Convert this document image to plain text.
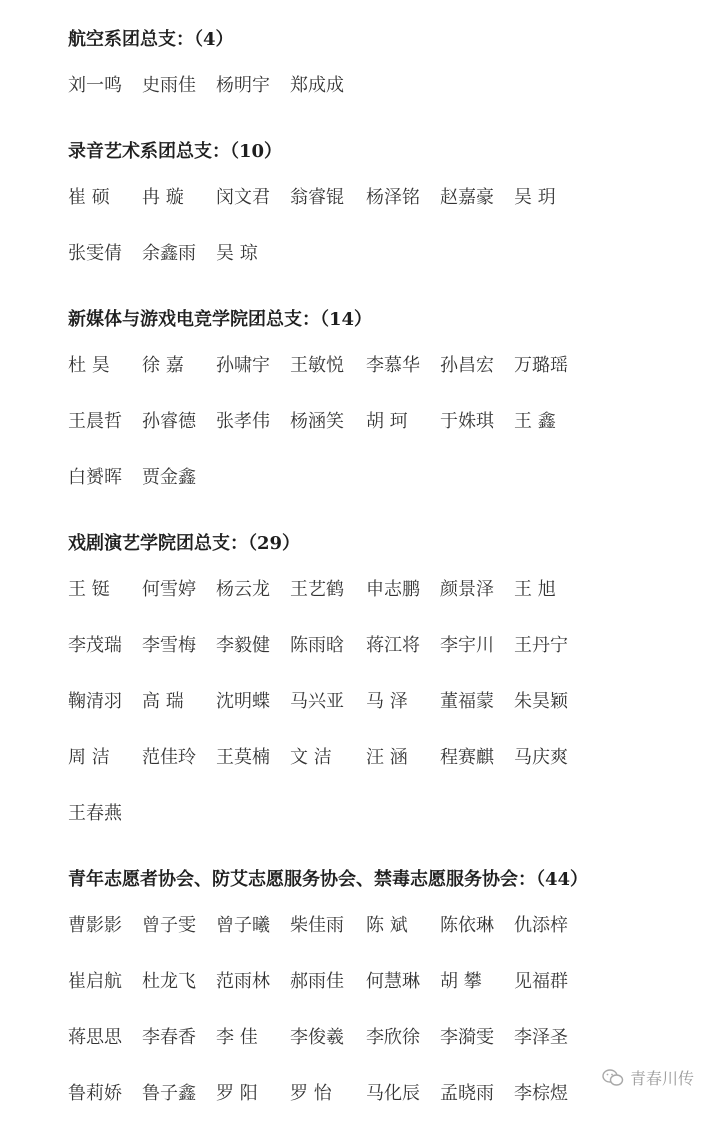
航空系团总支：（4）
刘一鸣 史雨佳 杨明宇 郑成成
录音艺术系团总支：（10）
崔 硕 冉 璇 闵文君 翁睿锟 杨泽铭 赵嘉豪 吴 玥
张雯倩 余鑫雨 吴 琼
新媒体与游戏电竞学院团总支：（14）
杜 昊 徐 嘉 孙啸宇 王敏悦 李慕华 孙昌宏 万璐瑶
王晨哲 孙睿德 张孝伟 杨涵笑 胡 珂 于姝琪 王 鑫
白赟晖 贾金鑫
戏剧演艺学院团总支：（29）
王 铤 何雪婷 杨云龙 王艺鹤 申志鹏 颜景泽 王 旭
李茂瑞 李雪梅 李毅健 陈雨晗 蒋江将 李宇川 王丹宁
鞠清羽 高 瑞 沈明蝶 马兴亚 马 泽 董福蒙 朱昊颖
周 洁 范佳玲 王莫楠 文 洁 汪 涵 程赛麒 马庆爽
王春燕
青年志愿者协会、防艾志愿服务协会、禁毒志愿服务协会：（44）
曹影影 曾子雯 曾子曦 柴佳雨 陈 斌 陈依琳 仇添梓
崔启航 杜龙飞 范雨林 郝雨佳 何慧琳 胡 攀 见福群
蒋思思 李春香 李 佳 李俊羲 李欣徐 李漪雯 李泽圣
鲁莉娇 鲁子鑫 罗 阳 罗 怡 马化辰 孟晓雨 李棕煜
青春川传
